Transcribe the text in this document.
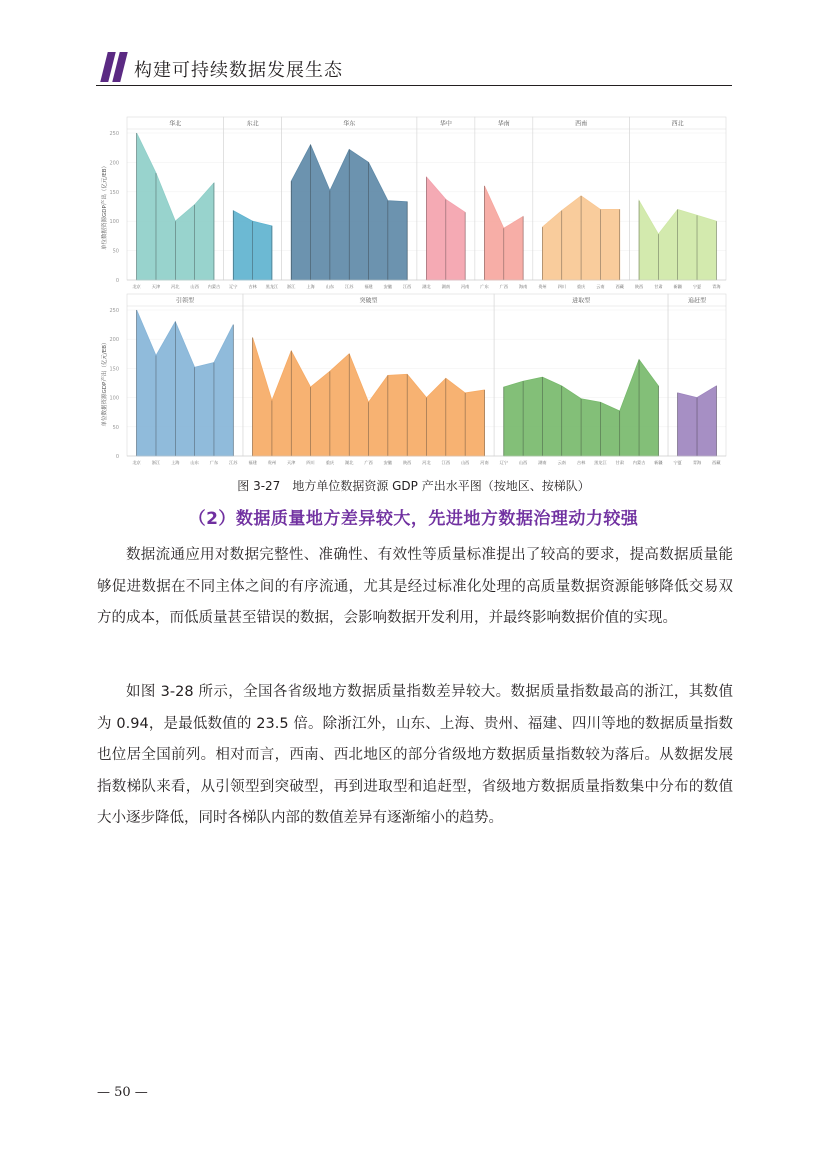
构建可持续数据发展生态
单位数据资源GDP产出（亿元/EB）
0
50
100
150
200
250
华北
北京	天津	河北	山西 内蒙古
东北
辽宁	吉林 黑龙江
华东
浙江	上海	山东	江苏	福建	安徽	江西
华中
湖北	湖南	河南
华南
广东	广西	海南
西南
贵州	四川	重庆	云南	西藏
西北
陕西	甘肃	新疆	宁夏	青海
单位数据资源GDP产出（亿元/EB）
0
50
100
150
200
250
引领型
北京	浙江	上海	山东	广东	江苏
突破型
福建	贵州	天津	四川	重庆	湖北	广西	安徽	陕西	河北	江西	山西	河南
进取型
辽宁	山西	湖南	云南	吉林 黑龙江 甘肃 内蒙古 新疆
追赶型
宁夏	青海	西藏
图 3-27　地方单位数据资源 GDP 产出水平图（按地区、按梯队）
（2）数据质量地方差异较大，先进地方数据治理动力较强

数据流通应用对数据完整性、准确性、有效性等质量标准提出了较高的要求，提高数据质量能够促进数据在不同主体之间的有序流通，尤其是经过标准化处理的高质量数据资源能够降低交易双方的成本，而低质量甚至错误的数据，会影响数据开发利用，并最终影响数据价值的实现。

如图 3-28 所示，全国各省级地方数据质量指数差异较大。数据质量指数最高的浙江，其数值为 0.94，是最低数值的 23.5 倍。除浙江外，山东、上海、贵州、福建、四川等地的数据质量指数也位居全国前列。相对而言，西南、西北地区的部分省级地方数据质量指数较为落后。从数据发展指数梯队来看，从引领型到突破型，再到进取型和追赶型，省级地方数据质量指数集中分布的数值大小逐步降低，同时各梯队内部的数值差异有逐渐缩小的趋势。

— 50 —
